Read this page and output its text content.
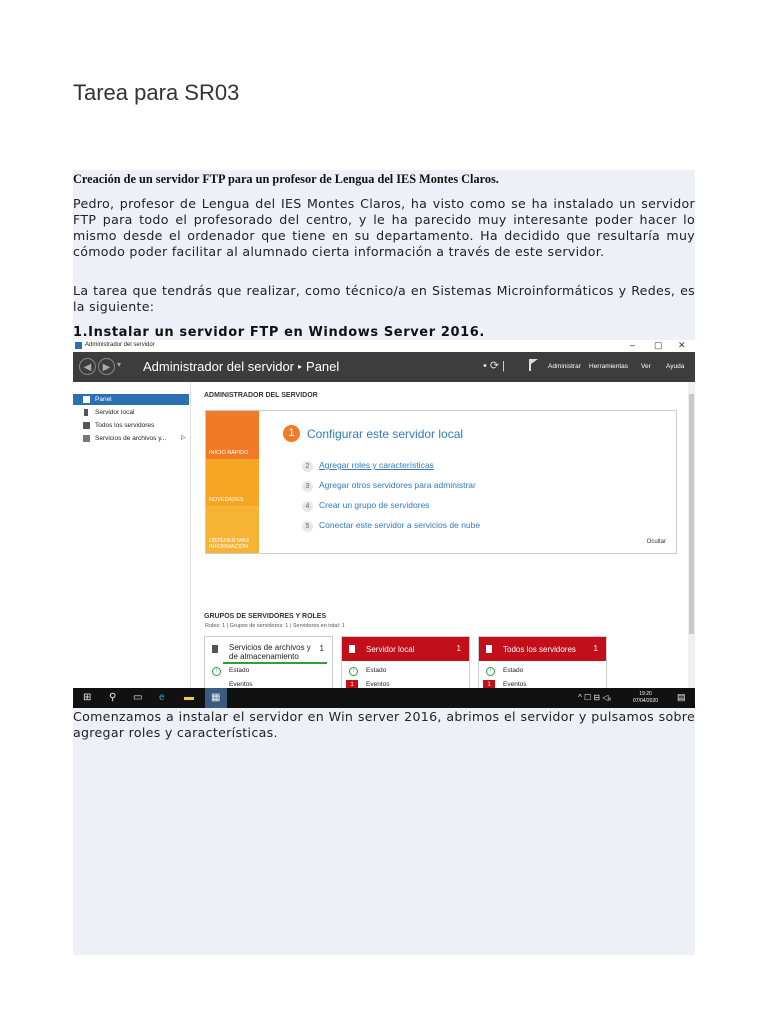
Tarea para SR03
Creación de un servidor FTP para un profesor de Lengua del IES Montes Claros.
Pedro, profesor de Lengua del IES Montes Claros, ha visto como se ha instalado un servidor FTP para todo el profesorado del centro, y le ha parecido muy interesante poder hacer lo mismo desde el ordenador que tiene en su departamento. Ha decidido que resultaría muy cómodo poder facilitar al alumnado cierta información a través de este servidor.
La tarea que tendrás que realizar, como técnico/a en Sistemas Microinformáticos y Redes, es la siguiente:
1.Instalar un servidor FTP en Windows Server 2016.
Administrador del servidor	– ▢ ✕
◀	▶ ▾ Administrador del servidor ▸ Panel	• ⟳ |	Administrar Herramientas Ver Ayuda
Panel
Servidor local
Todos los servidores
Servicios de archivos y... ▷
ADMINISTRADOR DEL SERVIDOR
INICIO RÁPIDO
NOVEDADES
OBTENER MÁS INFORMACIÓN
1	Configurar este servidor local
2 Agregar roles y características
3 Agregar otros servidores para administrar
4 Crear un grupo de servidores
5 Conectar este servidor a servicios de nube
Ocultar
GRUPOS DE SERVIDORES Y ROLES
Roles: 1 | Grupos de servidores: 1 | Servidores en total: 1
Servicios de archivos y de almacenamiento
1
↑	Estado
Eventos
Servidor local	1
↑	Estado
1	Eventos
Todos los servidores 1
↑	Estado
1	Eventos
⊞ ⚲ ▭ e ▬ ▦	^ ☐ ⊟ ◁ₓ	19:20
07/04/2020 ▤
Comenzamos a instalar el servidor en Win server 2016, abrimos el servidor y pulsamos sobre agregar roles y características.
